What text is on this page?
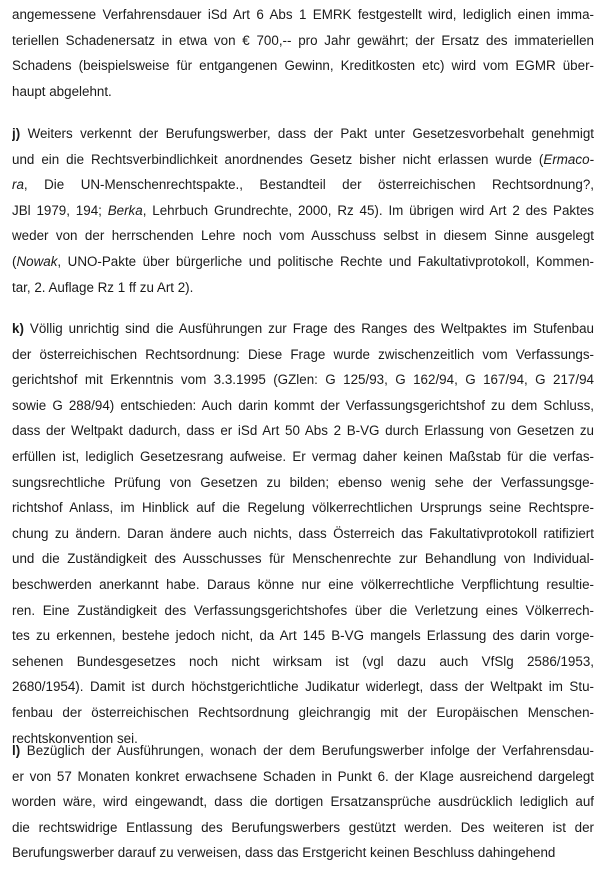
angemessene Verfahrensdauer iSd Art 6 Abs 1 EMRK festgestellt wird, lediglich einen imma-
teriellen Schadenersatz in etwa von € 700,-- pro Jahr gewährt; der Ersatz des immateriellen
Schadens (beispielsweise für entgangenen Gewinn, Kreditkosten etc) wird vom EGMR über-
haupt abgelehnt.
j) Weiters verkennt der Berufungswerber, dass der Pakt unter Gesetzesvorbehalt genehmigt
und ein die Rechtsverbindlichkeit anordnendes Gesetz bisher nicht erlassen wurde (Ermaco-
ra, Die UN-Menschenrechtspakte., Bestandteil der österreichischen Rechtsordnung?,
JBl 1979, 194; Berka, Lehrbuch Grundrechte, 2000, Rz 45). Im übrigen wird Art 2 des Paktes
weder von der herrschenden Lehre noch vom Ausschuss selbst in diesem Sinne ausgelegt
(Nowak, UNO-Pakte über bürgerliche und politische Rechte und Fakultativprotokoll, Kommen-
tar, 2. Auflage Rz 1 ff zu Art 2).
k) Völlig unrichtig sind die Ausführungen zur Frage des Ranges des Weltpaktes im Stufenbau
der österreichischen Rechtsordnung: Diese Frage wurde zwischenzeitlich vom Verfassungs-
gerichtshof mit Erkenntnis vom 3.3.1995 (GZlen: G 125/93, G 162/94, G 167/94, G 217/94
sowie G 288/94) entschieden: Auch darin kommt der Verfassungsgerichtshof zu dem Schluss,
dass der Weltpakt dadurch, dass er iSd Art 50 Abs 2 B-VG durch Erlassung von Gesetzen zu
erfüllen ist, lediglich Gesetzesrang aufweise. Er vermag daher keinen Maßstab für die verfas-
sungsrechtliche Prüfung von Gesetzen zu bilden; ebenso wenig sehe der Verfassungsge-
richtshof Anlass, im Hinblick auf die Regelung völkerrechtlichen Ursprungs seine Rechtspre-
chung zu ändern. Daran ändere auch nichts, dass Österreich das Fakultativprotokoll ratifiziert
und die Zuständigkeit des Ausschusses für Menschenrechte zur Behandlung von Individual-
beschwerden anerkannt habe. Daraus könne nur eine völkerrechtliche Verpflichtung resultie-
ren. Eine Zuständigkeit des Verfassungsgerichtshofes über die Verletzung eines Völkerrech-
tes zu erkennen, bestehe jedoch nicht, da Art 145 B-VG mangels Erlassung des darin vorge-
sehenen Bundesgesetzes noch nicht wirksam ist (vgl dazu auch VfSlg 2586/1953,
2680/1954). Damit ist durch höchstgerichtliche Judikatur widerlegt, dass der Weltpakt im Stu-
fenbau der österreichischen Rechtsordnung gleichrangig mit der Europäischen Menschen-
rechtskonvention sei.
l) Bezüglich der Ausführungen, wonach der dem Berufungswerber infolge der Verfahrensdau-
er von 57 Monaten konkret erwachsene Schaden in Punkt 6. der Klage ausreichend dargelegt
worden wäre, wird eingewandt, dass die dortigen Ersatzansprüche ausdrücklich lediglich auf
die rechtswidrige Entlassung des Berufungswerbers gestützt werden. Des weiteren ist der
Berufungswerber darauf zu verweisen, dass das Erstgericht keinen Beschluss dahingehend
